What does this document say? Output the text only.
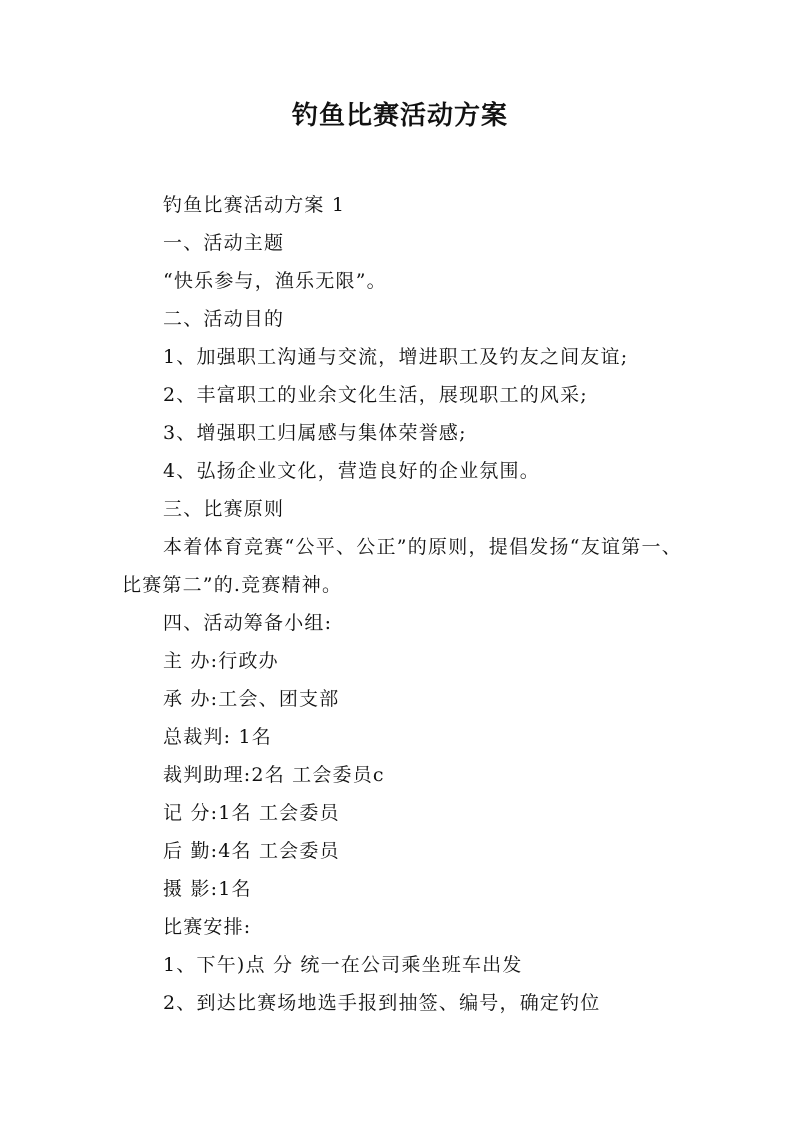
钓鱼比赛活动方案

钓鱼比赛活动方案 1

一、活动主题

“快乐参与，渔乐无限”。

二、活动目的

1、加强职工沟通与交流，增进职工及钓友之间友谊;

2、丰富职工的业余文化生活，展现职工的风采;

3、增强职工归属感与集体荣誉感;

4、弘扬企业文化，营造良好的企业氛围。

三、比赛原则

本着体育竞赛“公平、公正”的原则，提倡发扬“友谊第一、比赛第二”的.竞赛精神。

四、活动筹备小组:

主 办:行政办

承 办:工会、团支部

总裁判: 1名

裁判助理:2名 工会委员c

记 分:1名 工会委员

后 勤:4名 工会委员

摄 影:1名

比赛安排:

1、下午)点 分 统一在公司乘坐班车出发

2、到达比赛场地选手报到抽签、编号，确定钓位
